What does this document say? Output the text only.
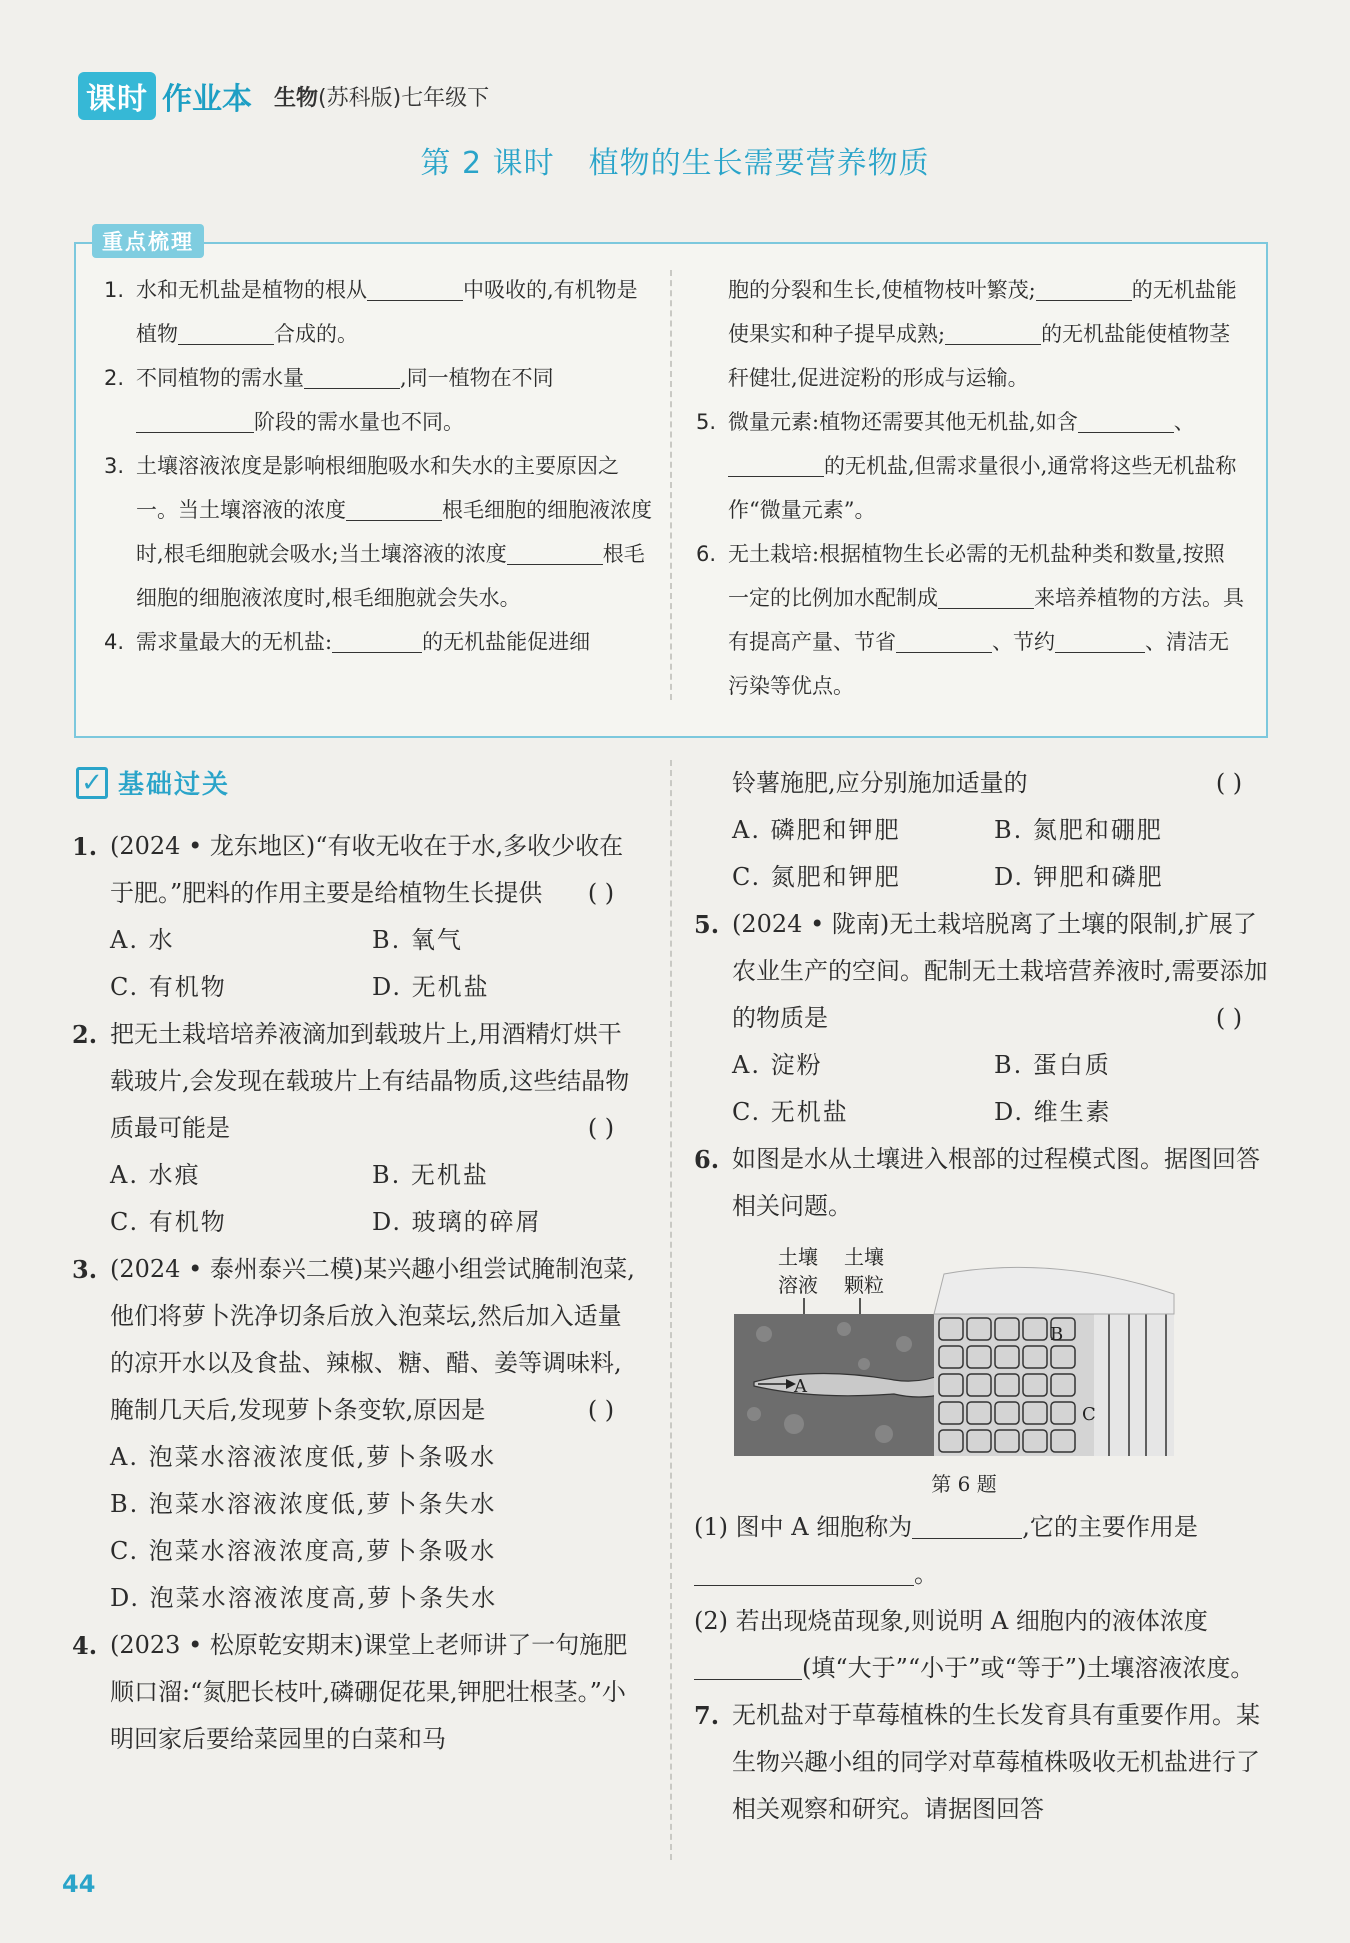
课时 作业本 生物(苏科版)七年级下
第 2 课时 植物的生长需要营养物质
重点梳理
1. 水和无机盐是植物的根从	中吸收的,有机物是植物	合成的。
2. 不同植物的需水量	,同一植物在不同阶段的需水量也不同。
3. 土壤溶液浓度是影响根细胞吸水和失水的主要原因之一。当土壤溶液的浓度	根毛细胞的细胞液浓度时,根毛细胞就会吸水;当土壤溶液的浓度	根毛细胞的细胞液浓度时,根毛细胞就会失水。
4. 需求量最大的无机盐:	的无机盐能促进细
胞的分裂和生长,使植物枝叶繁茂;	的无机盐能使果实和种子提早成熟;	的无机盐能使植物茎秆健壮,促进淀粉的形成与运输。
5. 微量元素:植物还需要其他无机盐,如含	、的无机盐,但需求量很小,通常将这些无机盐称作“微量元素”。
6. 无土栽培:根据植物生长必需的无机盐种类和数量,按照一定的比例加水配制成	来培养植物的方法。具有提高产量、节省	、节约	、清洁无污染等优点。
✓ 基础过关
1. (2024 • 龙东地区)“有收无收在于水,多收少收在于肥。”肥料的作用主要是给植物生长提供	( )
A. 水	B. 氧气
C. 有机物	D. 无机盐
2. 把无土栽培培养液滴加到载玻片上,用酒精灯烘干载玻片,会发现在载玻片上有结晶物质,这些结晶物质最可能是	( )
A. 水痕	B. 无机盐
C. 有机物	D. 玻璃的碎屑
3. (2024 • 泰州泰兴二模)某兴趣小组尝试腌制泡菜,他们将萝卜洗净切条后放入泡菜坛,然后加入适量的凉开水以及食盐、辣椒、糖、醋、姜等调味料,腌制几天后,发现萝卜条变软,原因是	( )
A. 泡菜水溶液浓度低,萝卜条吸水
B. 泡菜水溶液浓度低,萝卜条失水
C. 泡菜水溶液浓度高,萝卜条吸水
D. 泡菜水溶液浓度高,萝卜条失水
4. (2023 • 松原乾安期末)课堂上老师讲了一句施肥顺口溜:“氮肥长枝叶,磷硼促花果,钾肥壮根茎。”小明回家后要给菜园里的白菜和马
铃薯施肥,应分别施加适量的	( )
A. 磷肥和钾肥	B. 氮肥和硼肥
C. 氮肥和钾肥	D. 钾肥和磷肥
5. (2024 • 陇南)无土栽培脱离了土壤的限制,扩展了农业生产的空间。配制无土栽培营养液时,需要添加的物质是	( )
A. 淀粉	B. 蛋白质
C. 无机盐	D. 维生素
6. 如图是水从土壤进入根部的过程模式图。据图回答相关问题。
土壤
溶液
土壤
颗粒
A
B
C
第 6 题
(1) 图中 A 细胞称为	,它的主要作用是。
(2) 若出现烧苗现象,则说明 A 细胞内的液体浓度(填“大于”“小于”或“等于”)土壤溶液浓度。
7. 无机盐对于草莓植株的生长发育具有重要作用。某生物兴趣小组的同学对草莓植株吸收无机盐进行了相关观察和研究。请据图回答
44
